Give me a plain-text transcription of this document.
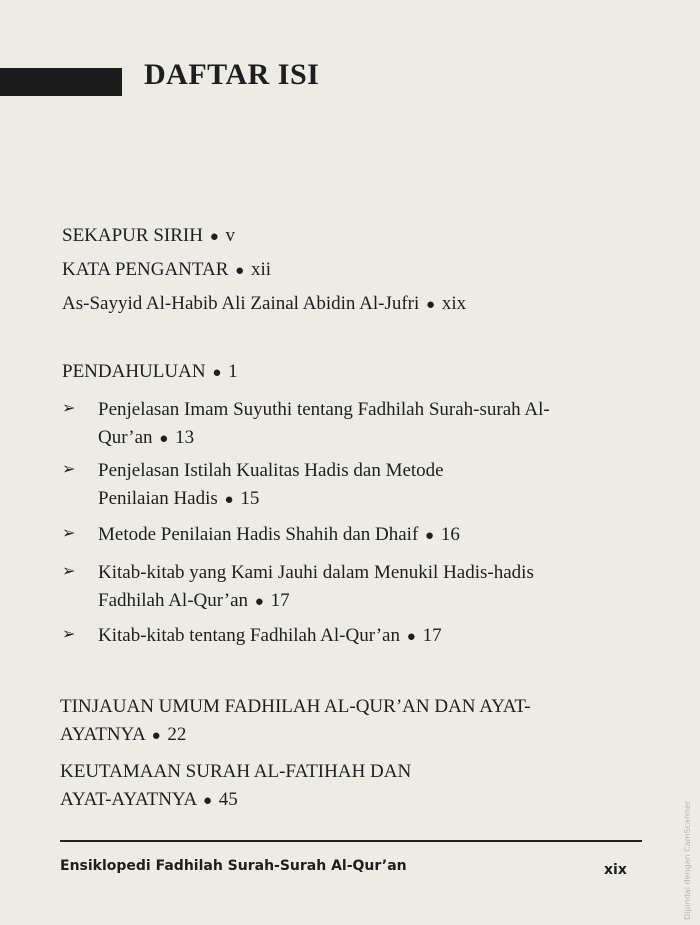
DAFTAR ISI
SEKAPUR SIRIH ● v
KATA PENGANTAR ● xii
As-Sayyid Al-Habib Ali Zainal Abidin Al-Jufri ● xix
PENDAHULUAN ● 1
➢ Penjelasan Imam Suyuthi tentang Fadhilah Surah-surah Al-
Qur’an ● 13
➢ Penjelasan Istilah Kualitas Hadis dan Metode
Penilaian Hadis ● 15
➢ Metode Penilaian Hadis Shahih dan Dhaif ● 16
➢ Kitab-kitab yang Kami Jauhi dalam Menukil Hadis-hadis
Fadhilah Al-Qur’an ● 17
➢ Kitab-kitab tentang Fadhilah Al-Qur’an ● 17
TINJAUAN UMUM FADHILAH AL-QUR’AN DAN AYAT-
AYATNYA ● 22
KEUTAMAAN SURAH AL-FATIHAH DAN
AYAT-AYATNYA ● 45
Ensiklopedi Fadhilah Surah-Surah Al-Qur’an	xix	Dipindai dengan CamScanner
